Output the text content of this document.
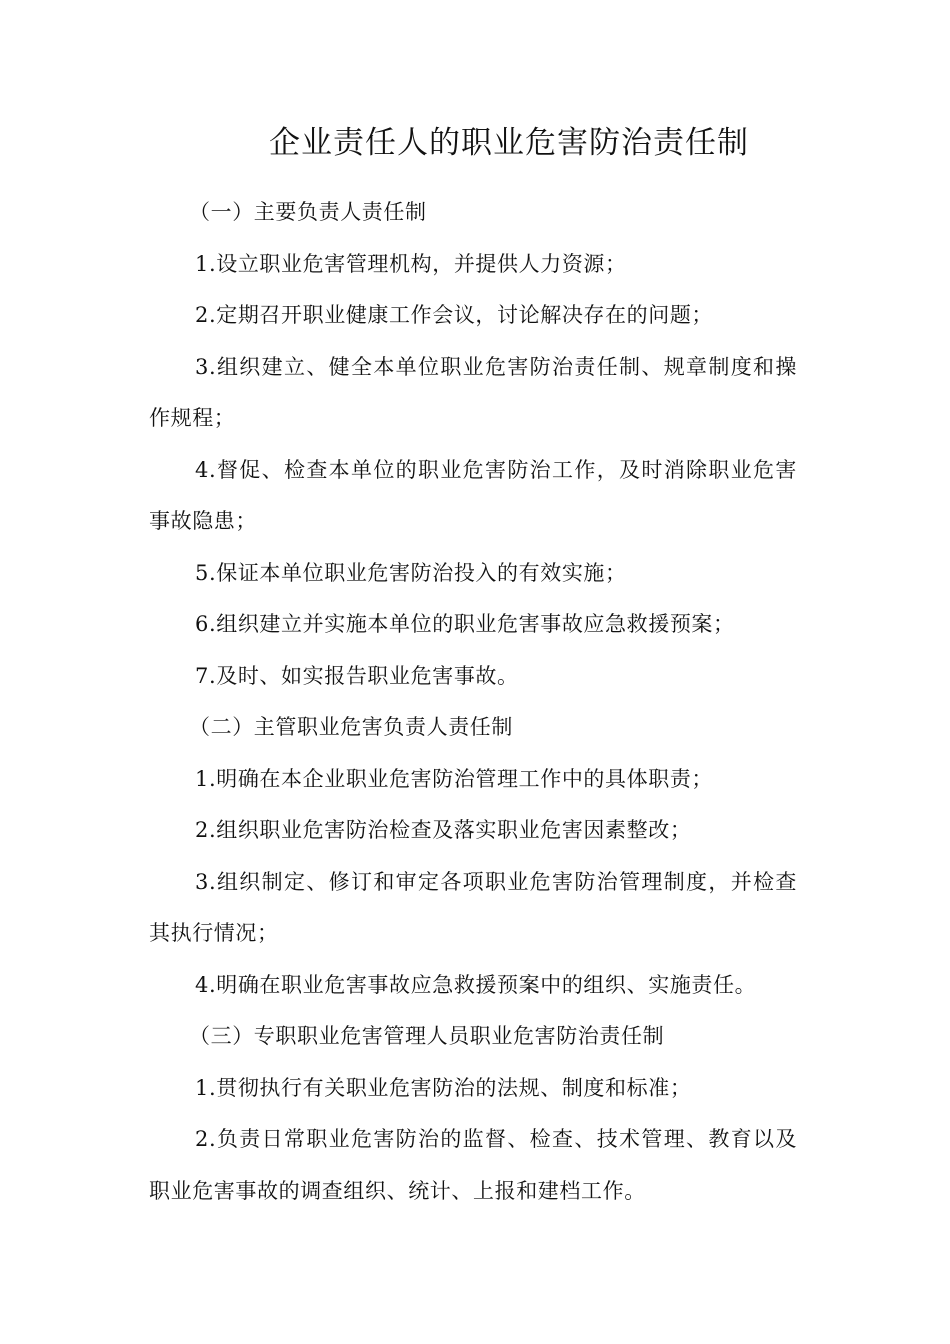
企业责任人的职业危害防治责任制

（一）主要负责人责任制

1.设立职业危害管理机构，并提供人力资源；

2.定期召开职业健康工作会议，讨论解决存在的问题；

3.组织建立、健全本单位职业危害防治责任制、规章制度和操作规程；

4.督促、检查本单位的职业危害防治工作，及时消除职业危害事故隐患；

5.保证本单位职业危害防治投入的有效实施；

6.组织建立并实施本单位的职业危害事故应急救援预案；

7.及时、如实报告职业危害事故。

（二）主管职业危害负责人责任制

1.明确在本企业职业危害防治管理工作中的具体职责；

2.组织职业危害防治检查及落实职业危害因素整改；

3.组织制定、修订和审定各项职业危害防治管理制度，并检查其执行情况；

4.明确在职业危害事故应急救援预案中的组织、实施责任。

（三）专职职业危害管理人员职业危害防治责任制

1.贯彻执行有关职业危害防治的法规、制度和标准；

2.负责日常职业危害防治的监督、检查、技术管理、教育以及职业危害事故的调查组织、统计、上报和建档工作。
